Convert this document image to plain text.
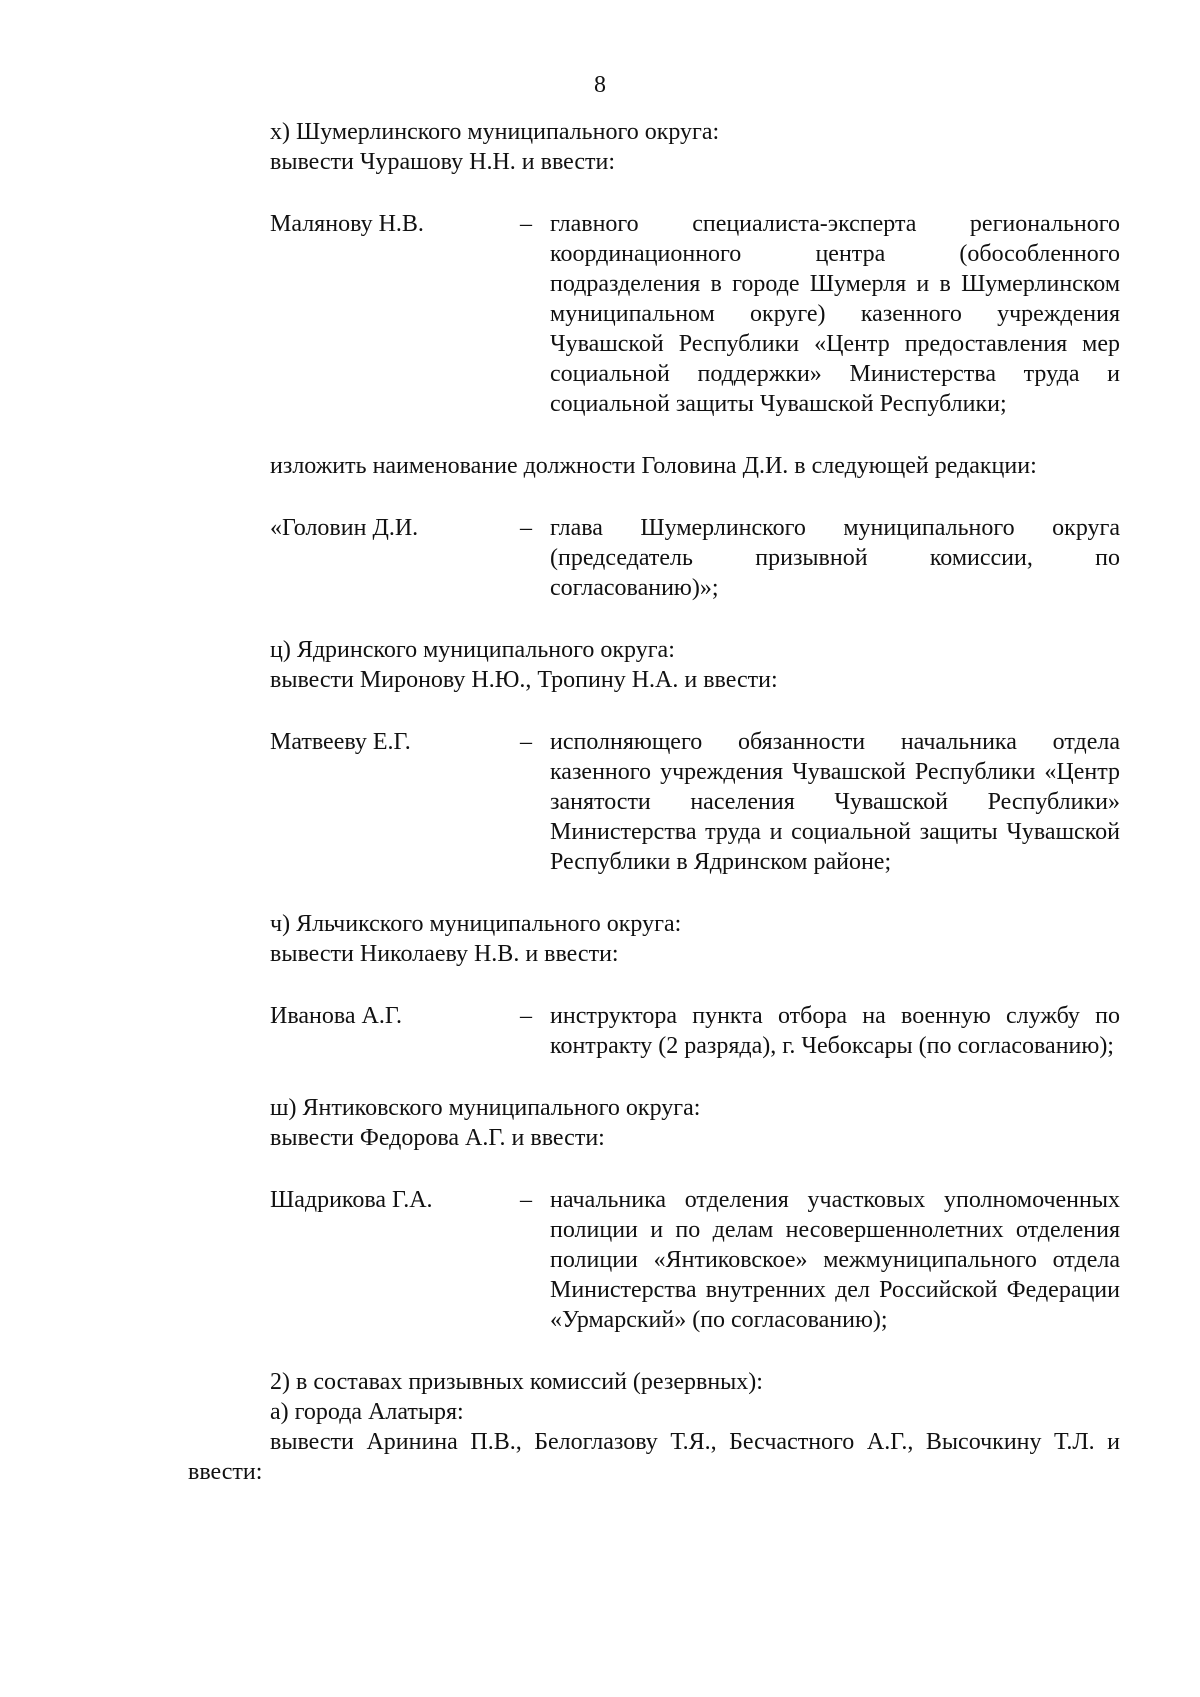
8

х) Шумерлинского муниципального округа:

вывести Чурашову Н.Н. и ввести:

Малянову Н.В.	– главного специалиста-эксперта регионального координационного центра (обособленного подразделения в городе Шумерля и в Шумерлинском муниципальном округе) казенного учреждения Чувашской Республики «Центр предоставления мер социальной поддержки» Министерства труда и социальной защиты Чувашской Республики;

изложить наименование должности Головина Д.И. в следующей редакции:

«Головин Д.И.	– глава Шумерлинского муниципального округа (председатель призывной комиссии, по согласованию)»;

ц) Ядринского муниципального округа:

вывести Миронову Н.Ю., Тропину Н.А. и ввести:

Матвееву Е.Г.	– исполняющего обязанности начальника отдела казенного учреждения Чувашской Республики «Центр занятости населения Чувашской Республики» Министерства труда и социальной защиты Чувашской Республики в Ядринском районе;

ч) Яльчикского муниципального округа:

вывести Николаеву Н.В. и ввести:

Иванова А.Г.	– инструктора пункта отбора на военную службу по контракту (2 разряда), г. Чебоксары (по согласованию);

ш) Янтиковского муниципального округа:

вывести Федорова А.Г. и ввести:

Шадрикова Г.А.	– начальника отделения участковых уполномоченных полиции и по делам несовершеннолетних отделения полиции «Янтиковское» межмуниципального отдела Министерства внутренних дел Российской Федерации «Урмарский» (по согласованию);

2) в составах призывных комиссий (резервных):

а) города Алатыря:

вывести Аринина П.В., Белоглазову Т.Я., Бесчастного А.Г., Высочкину Т.Л. и ввести:
